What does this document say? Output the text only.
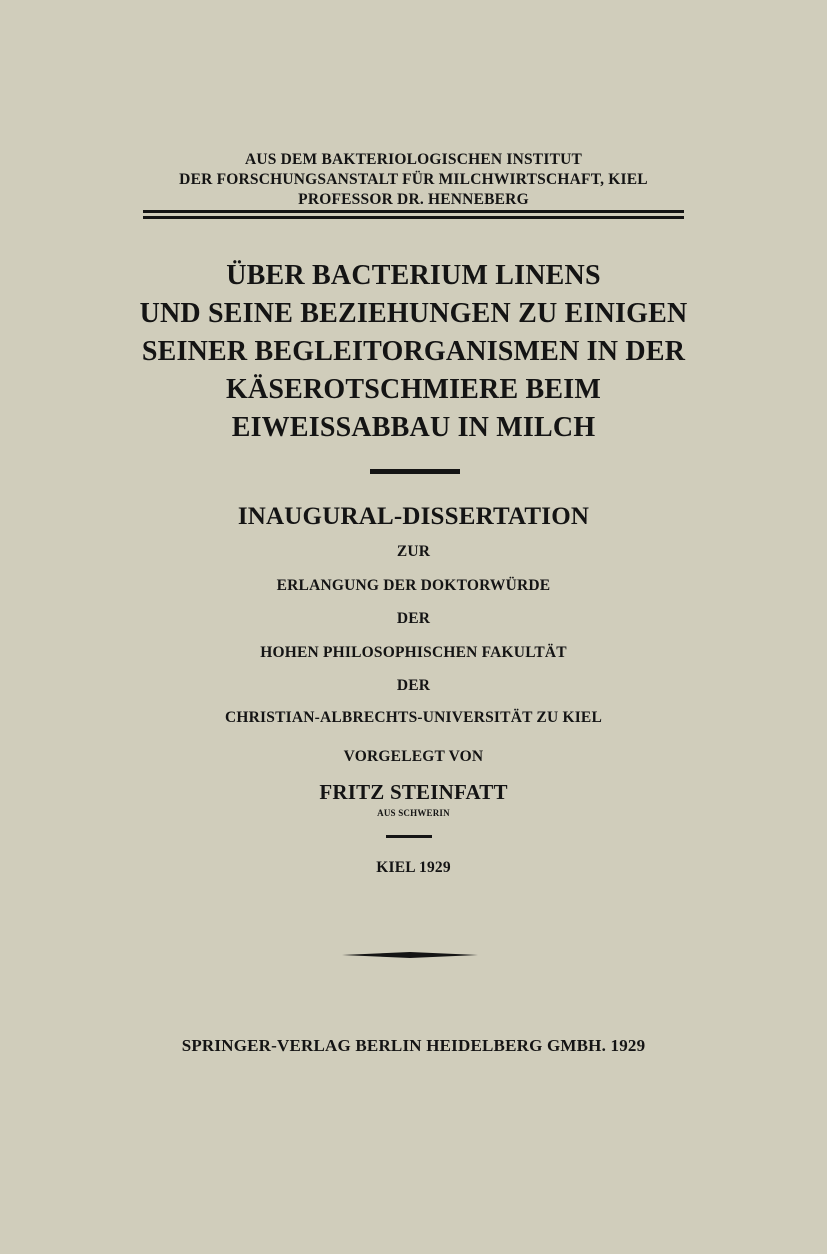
AUS DEM BAKTERIOLOGISCHEN INSTITUT
DER FORSCHUNGSANSTALT FÜR MILCHWIRTSCHAFT, KIEL
PROFESSOR DR. HENNEBERG
ÜBER BACTERIUM LINENS
UND SEINE BEZIEHUNGEN ZU EINIGEN
SEINER BEGLEITORGANISMEN IN DER
KÄSEROTSCHMIERE BEIM
EIWEISSABBAU IN MILCH
INAUGURAL-DISSERTATION
ZUR
ERLANGUNG DER DOKTORWÜRDE
DER
HOHEN PHILOSOPHISCHEN FAKULTÄT
DER
CHRISTIAN-ALBRECHTS-UNIVERSITÄT ZU KIEL
VORGELEGT VON
FRITZ STEINFATT
AUS SCHWERIN
KIEL 1929
SPRINGER-VERLAG BERLIN HEIDELBERG GMBH. 1929
